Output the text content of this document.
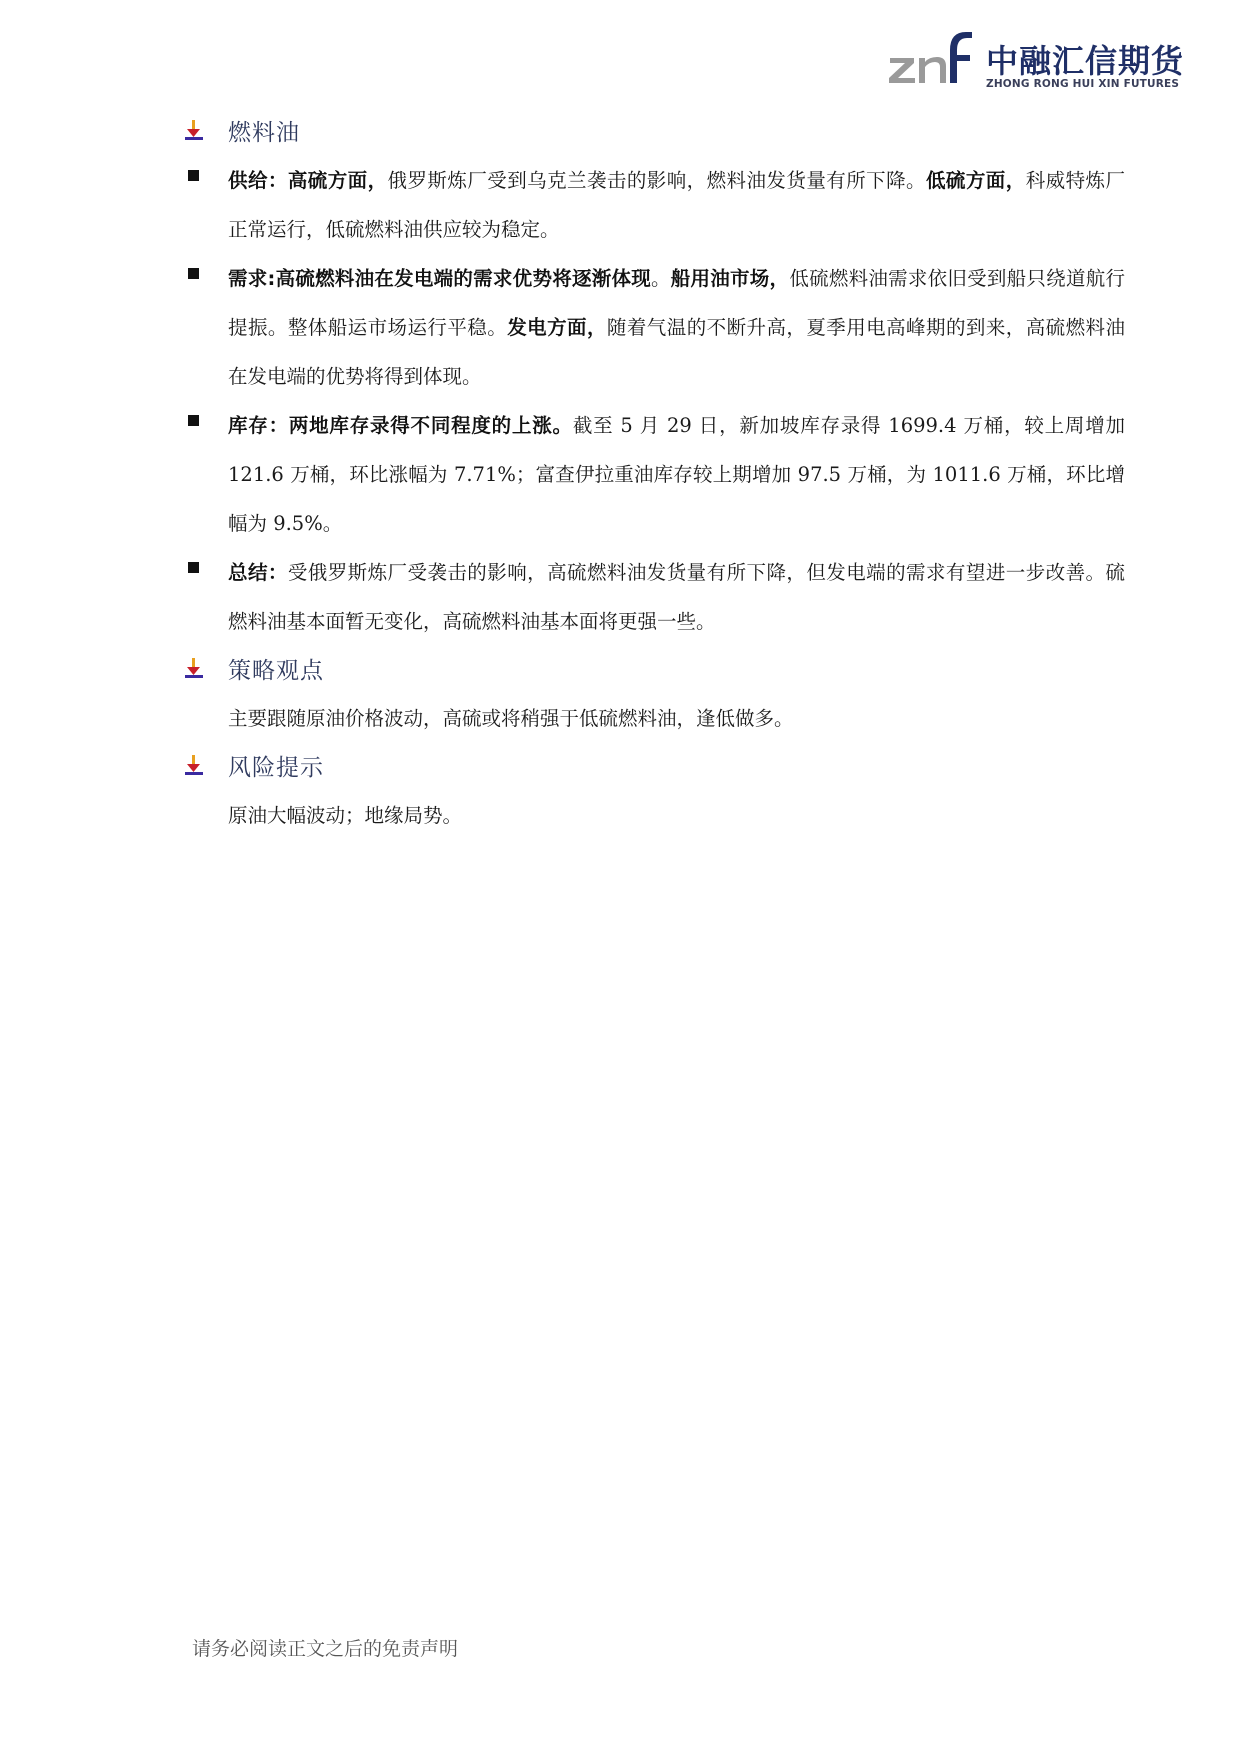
中融汇信期货
ZHONG RONG HUI XIN FUTURES
燃料油

供给：高硫方面，俄罗斯炼厂受到乌克兰袭击的影响，燃料油发货量有所下降。低硫方面，科威特炼厂正常运行，低硫燃料油供应较为稳定。

需求:高硫燃料油在发电端的需求优势将逐渐体现。船用油市场，低硫燃料油需求依旧受到船只绕道航行提振。整体船运市场运行平稳。发电方面，随着气温的不断升高，夏季用电高峰期的到来，高硫燃料油在发电端的优势将得到体现。

库存：两地库存录得不同程度的上涨。截至 5 月 29 日，新加坡库存录得 1699.4 万桶，较上周增加 121.6 万桶，环比涨幅为 7.71%；富查伊拉重油库存较上期增加 97.5 万桶，为 1011.6 万桶，环比增幅为 9.5%。

总结：受俄罗斯炼厂受袭击的影响，高硫燃料油发货量有所下降，但发电端的需求有望进一步改善。硫燃料油基本面暂无变化，高硫燃料油基本面将更强一些。

策略观点

主要跟随原油价格波动，高硫或将稍强于低硫燃料油，逢低做多。

风险提示

原油大幅波动；地缘局势。

请务必阅读正文之后的免责声明
